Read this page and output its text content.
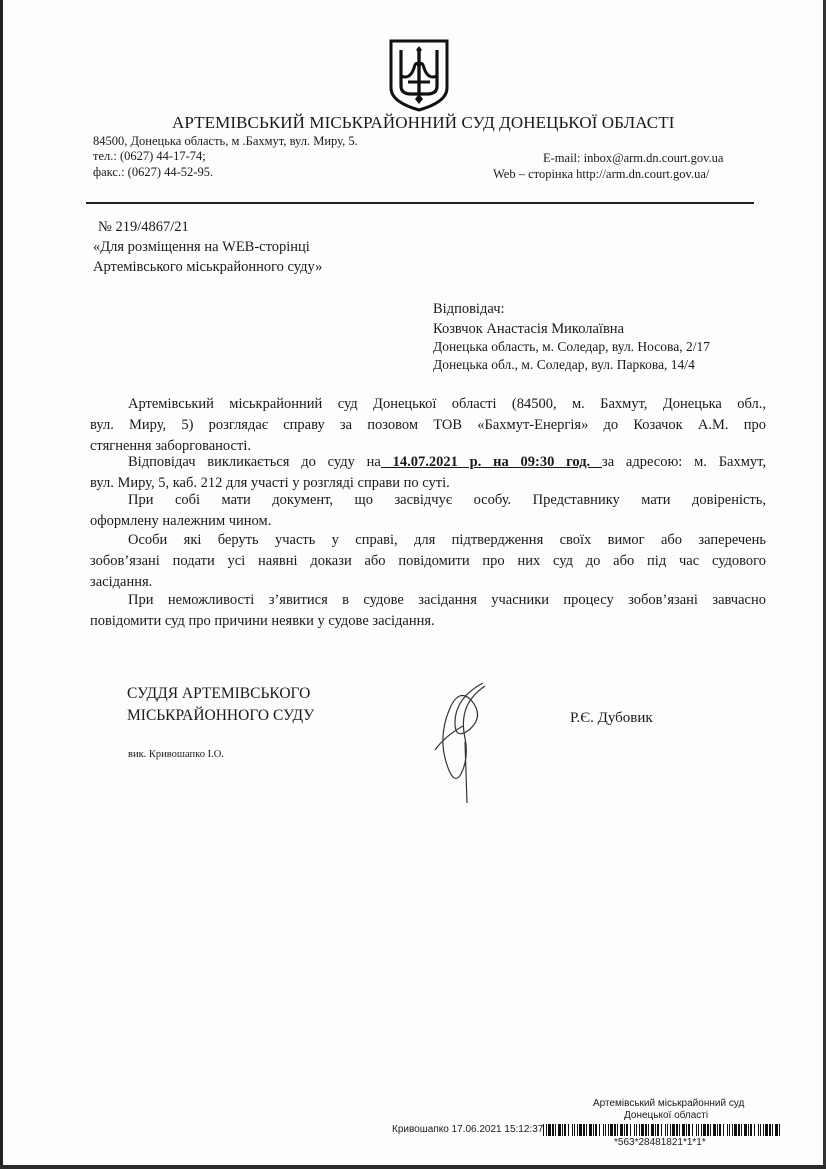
АРТЕМІВСЬКИЙ МІСЬКРАЙОННИЙ СУД ДОНЕЦЬКОЇ ОБЛАСТІ
84500, Донецька область, м .Бахмут, вул. Миру, 5.
тел.: (0627) 44-17-74;
факс.: (0627) 44-52-95.
E-mail: inbox@arm.dn.court.gov.ua
Web – сторінка http://arm.dn.court.gov.ua/
№ 219/4867/21
«Для розміщення на WEB-сторінці
Артемівського міськрайонного суду»
Відповідач:
Козвчок Анастасія Миколаївна
Донецька область, м. Соледар, вул. Носова, 2/17
Донецька обл., м. Соледар, вул. Паркова, 14/4
Артемівський міськрайонний суд Донецької області (84500, м. Бахмут, Донецька обл.,
вул. Миру, 5) розглядає справу за позовом ТОВ «Бахмут-Енергія» до Козачок А.М. про
стягнення заборгованості.
Відповідач викликається до суду на 14.07.2021 р. на 09:30 год. за адресою: м. Бахмут,
вул. Миру, 5, каб. 212 для участі у розгляді справи по суті.
При собі мати документ, що засвідчує особу. Представнику мати довіреність,
оформлену належним чином.
Особи які беруть участь у справі, для підтвердження своїх вимог або заперечень
зобов’язані подати усі наявні докази або повідомити про них суд до або під час судового
засідання.
При неможливості з’явитися в судове засідання учасники процесу зобов’язані завчасно
повідомити суд про причини неявки у судове засідання.
СУДДЯ АРТЕМІВСЬКОГО
МІСЬКРАЙОННОГО СУДУ	Р.Є. Дубовик
вик. Кривошапко І.О.
Артемівський міськрайонний суд
Донецької області
Кривошапко 17.06.2021 15:12:37
*563*28481821*1*1*
